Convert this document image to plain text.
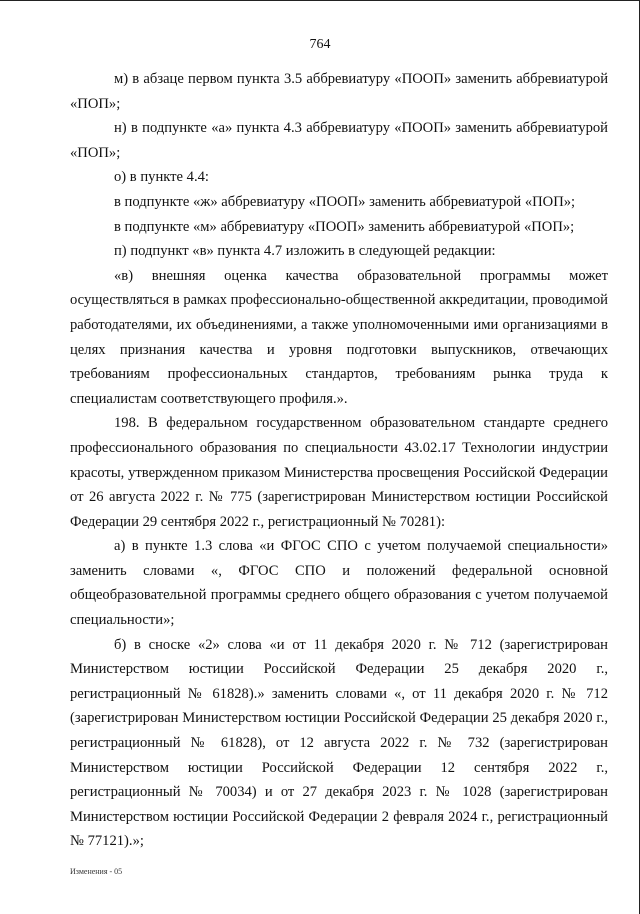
764

м) в абзаце первом пункта 3.5 аббревиатуру «ПООП» заменить аббревиатурой «ПОП»;

н) в подпункте «а» пункта 4.3 аббревиатуру «ПООП» заменить аббревиатурой «ПОП»;

о) в пункте 4.4:

в подпункте «ж» аббревиатуру «ПООП» заменить аббревиатурой «ПОП»;

в подпункте «м» аббревиатуру «ПООП» заменить аббревиатурой «ПОП»;

п) подпункт «в» пункта 4.7 изложить в следующей редакции:

«в) внешняя оценка качества образовательной программы может осуществляться в рамках профессионально-общественной аккредитации, проводимой работодателями, их объединениями, а также уполномоченными ими организациями в целях признания качества и уровня подготовки выпускников, отвечающих требованиям профессиональных стандартов, требованиям рынка труда к специалистам соответствующего профиля.».

198. В федеральном государственном образовательном стандарте среднего профессионального образования по специальности 43.02.17 Технологии индустрии красоты, утвержденном приказом Министерства просвещения Российской Федерации от 26 августа 2022 г. № 775 (зарегистрирован Министерством юстиции Российской Федерации 29 сентября 2022 г., регистрационный № 70281):

а) в пункте 1.3 слова «и ФГОС СПО с учетом получаемой специальности» заменить словами «, ФГОС СПО и положений федеральной основной общеобразовательной программы среднего общего образования с учетом получаемой специальности»;

б) в сноске «2» слова «и от 11 декабря 2020 г. № 712 (зарегистрирован Министерством юстиции Российской Федерации 25 декабря 2020 г., регистрационный № 61828).» заменить словами «, от 11 декабря 2020 г. № 712 (зарегистрирован Министерством юстиции Российской Федерации 25 декабря 2020 г., регистрационный № 61828), от 12 августа 2022 г. № 732 (зарегистрирован Министерством юстиции Российской Федерации 12 сентября 2022 г., регистрационный № 70034) и от 27 декабря 2023 г. № 1028 (зарегистрирован Министерством юстиции Российской Федерации 2 февраля 2024 г., регистрационный № 77121).»;

Изменения - 05
